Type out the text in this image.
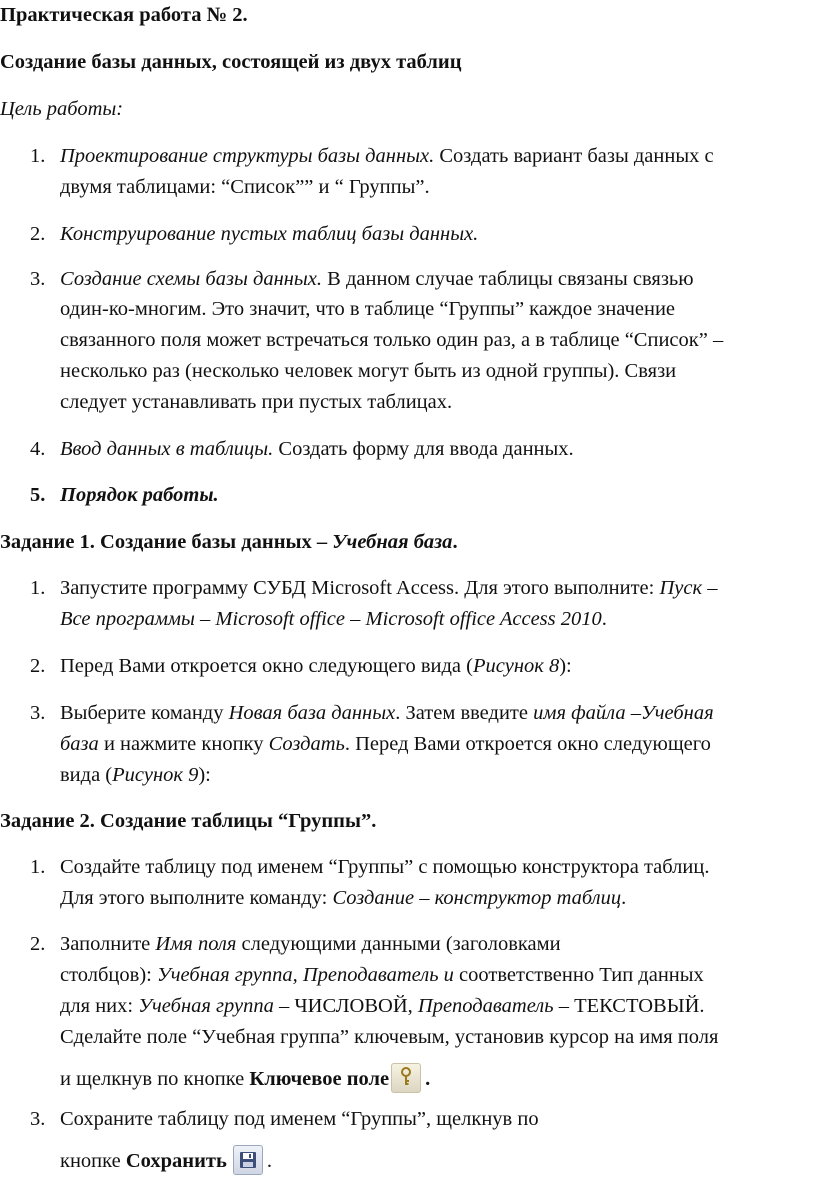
Практическая работа № 2.
Создание базы данных, состоящей из двух таблиц
Цель работы:
1. Проектирование структуры базы данных. Создать вариант базы данных с
двумя таблицами: “Список”” и “ Группы”.
2. Конструирование пустых таблиц базы данных.
3. Создание схемы базы данных. В данном случае таблицы связаны связью
один-ко-многим. Это значит, что в таблице “Группы” каждое значение
связанного поля может встречаться только один раз, а в таблице “Список” –
несколько раз (несколько человек могут быть из одной группы). Связи
следует устанавливать при пустых таблицах.
4. Ввод данных в таблицы. Создать форму для ввода данных.
5. Порядок работы.
Задание 1. Создание базы данных – Учебная база.
1. Запустите программу СУБД Microsoft Access. Для этого выполните: Пуск –
Все программы – Microsoft office – Microsoft office Access 2010.
2. Перед Вами откроется окно следующего вида (Рисунок 8):
3. Выберите команду Новая база данных. Затем введите имя файла –Учебная
база и нажмите кнопку Создать. Перед Вами откроется окно следующего
вида (Рисунок 9):
Задание 2. Создание таблицы “Группы”.
1. Создайте таблицу под именем “Группы” с помощью конструктора таблиц.
Для этого выполните команду: Создание – конструктор таблиц.
2. Заполните Имя поля следующими данными (заголовками
столбцов): Учебная группа, Преподаватель и соответственно Тип данных
для них: Учебная группа – ЧИСЛОВОЙ, Преподаватель – ТЕКСТОВЫЙ.
Сделайте поле “Учебная группа” ключевым, установив курсор на имя поля
и щелкнув по кнопке Ключевое поле .
3. Сохраните таблицу под именем “Группы”, щелкнув по
кнопке Сохранить .
